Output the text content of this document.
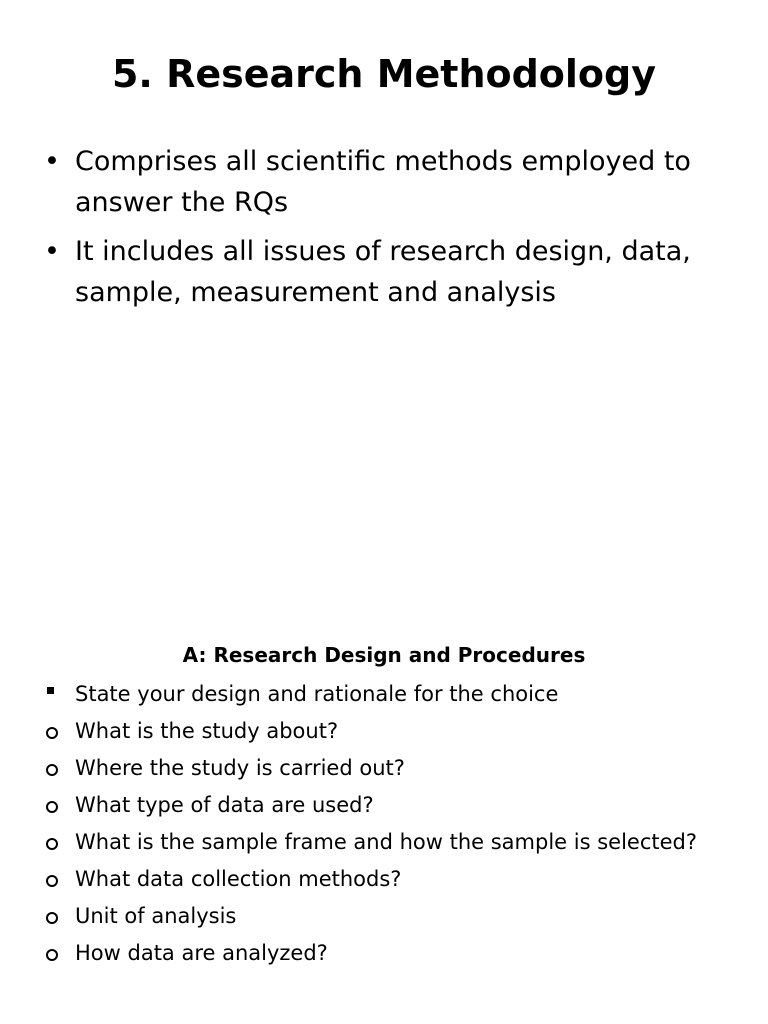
5. Research Methodology
• Comprises all scientific methods employed to answer the RQs
• It includes all issues of research design, data, sample, measurement and analysis
A: Research Design and Procedures
State your design and rationale for the choice
What is the study about?
Where the study is carried out?
What type of data are used?
What is the sample frame and how the sample is selected?
What data collection methods?
Unit of analysis
How data are analyzed?
